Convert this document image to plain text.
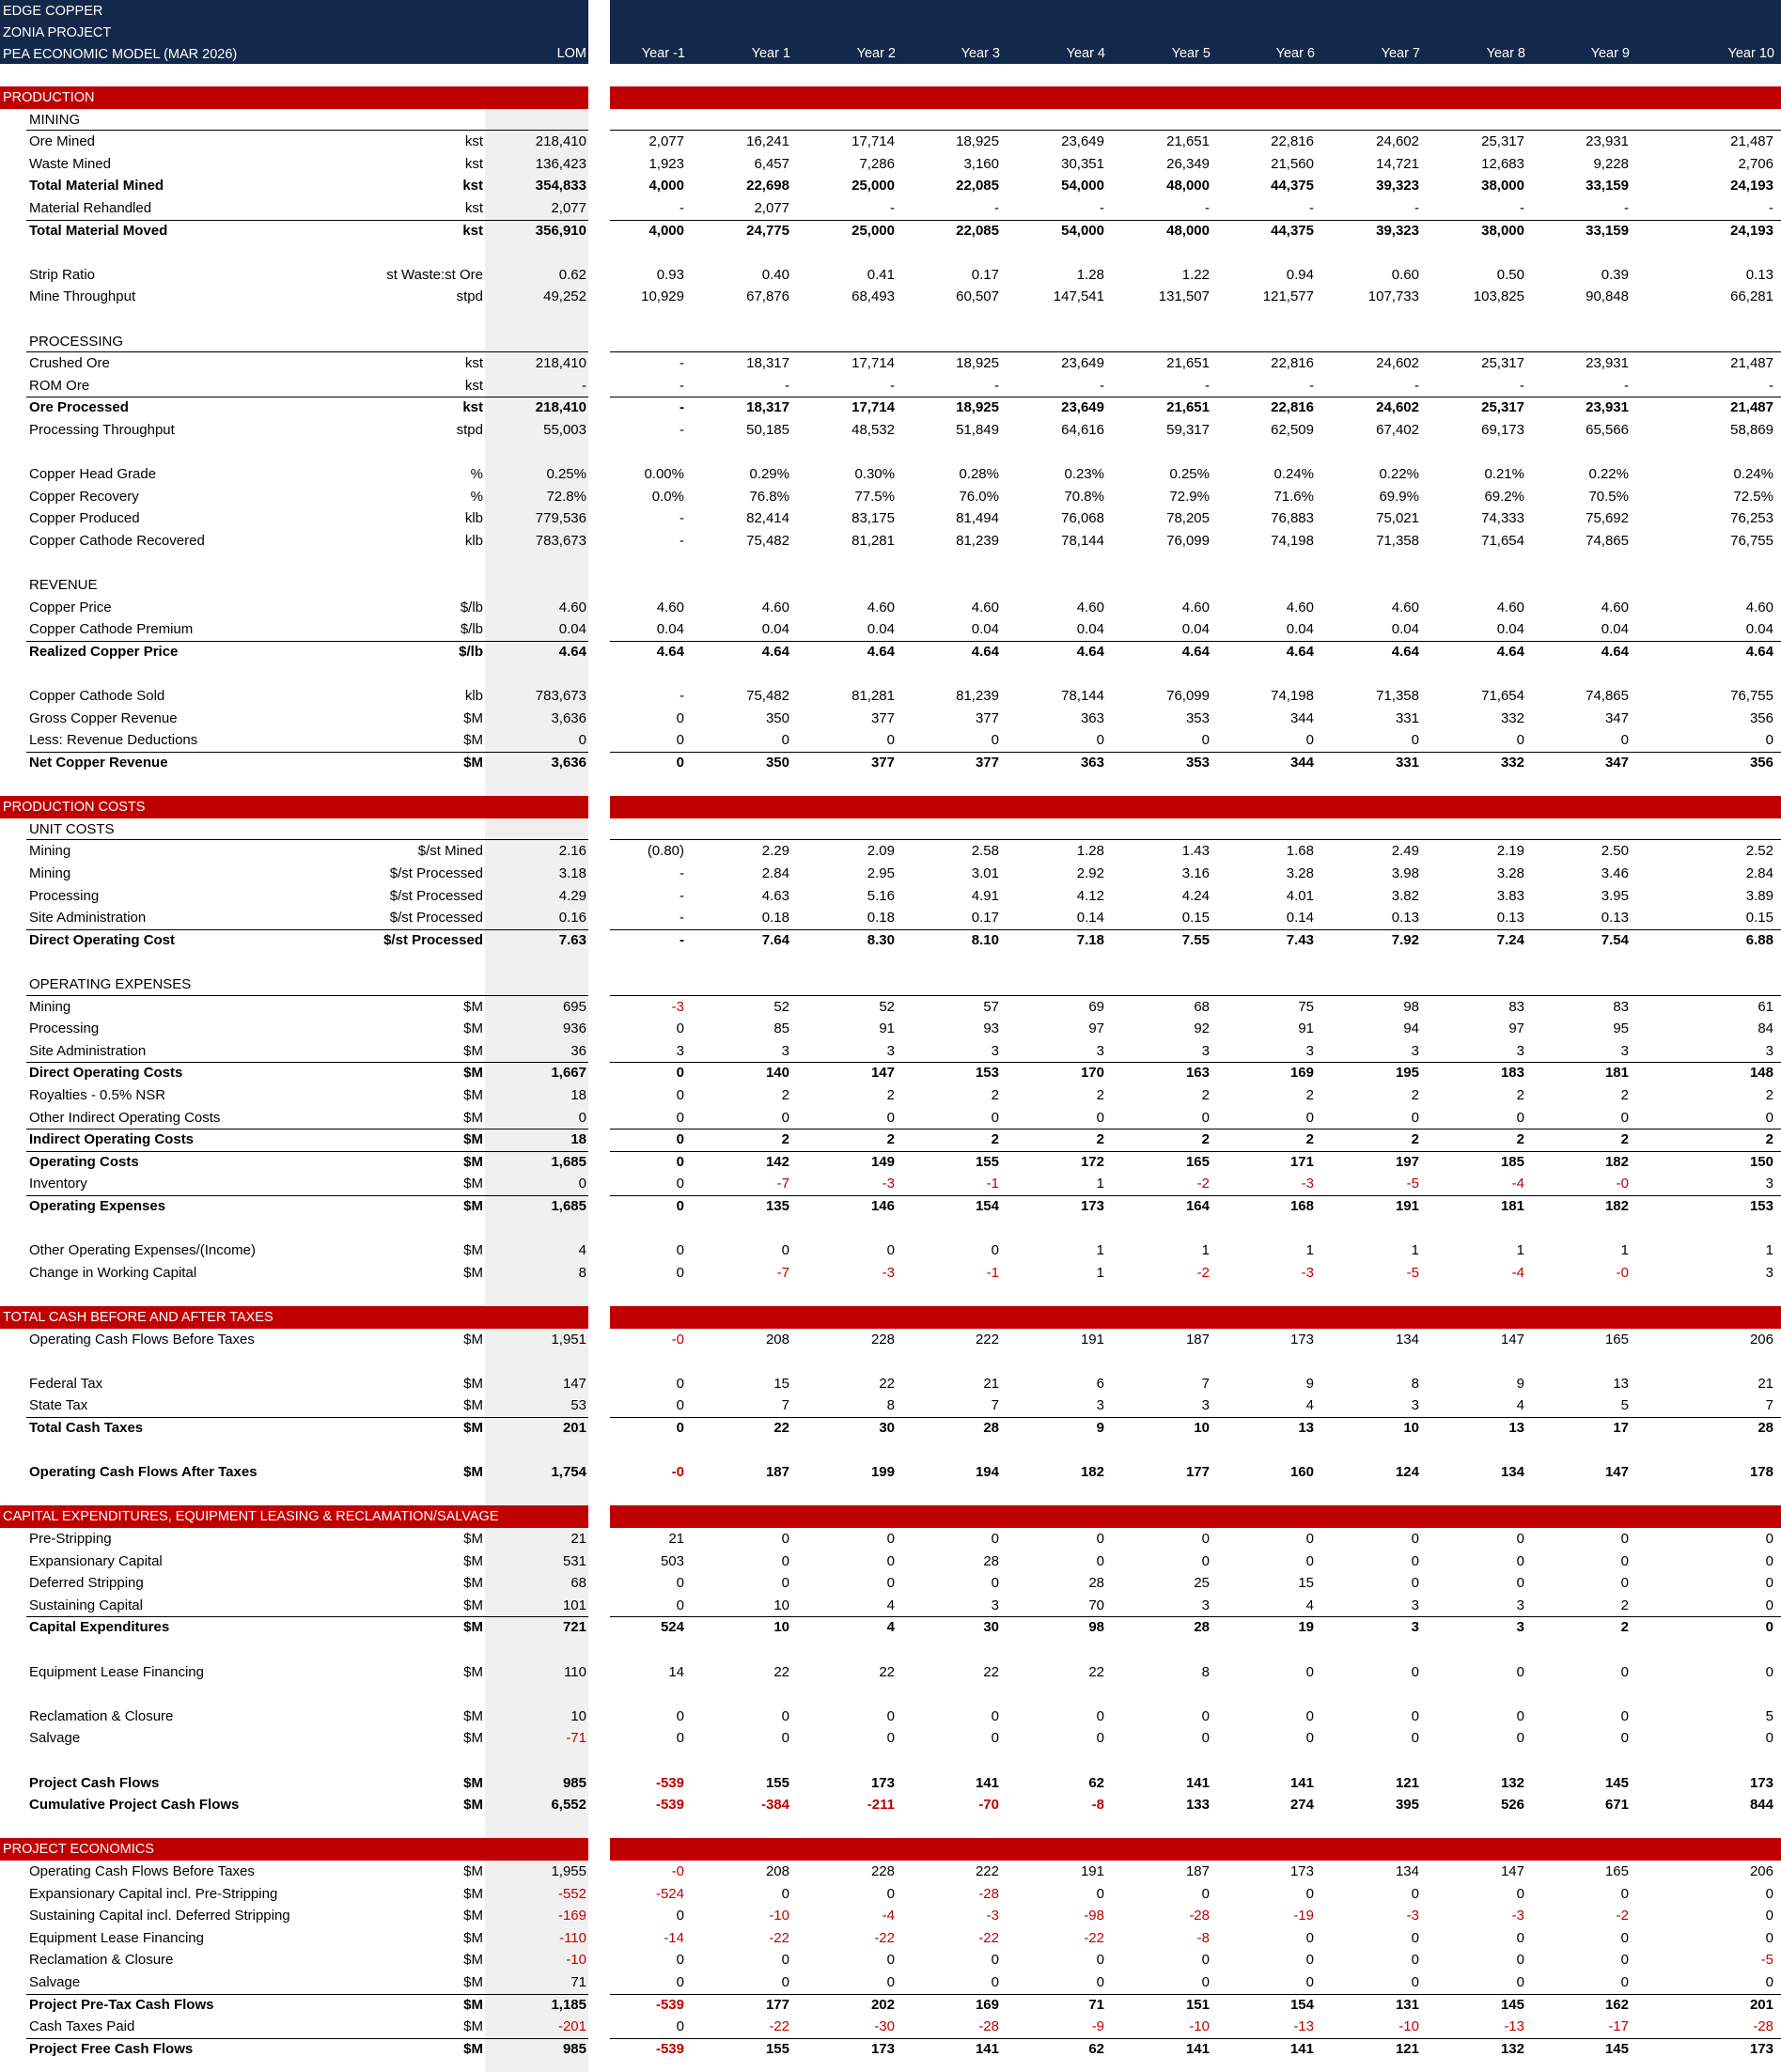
EDGE COPPER
ZONIA PROJECT
PEA ECONOMIC MODEL (MAR 2026)	LOM	Year -1	Year 1	Year 2	Year 3	Year 4	Year 5	Year 6	Year 7	Year 8	Year 9	Year 10
PRODUCTION
MINING
Ore Mined	kst	218,410	2,077	16,241	17,714	18,925	23,649	21,651	22,816	24,602	25,317	23,931	21,487
Waste Mined	kst	136,423	1,923	6,457	7,286	3,160	30,351	26,349	21,560	14,721	12,683	9,228	2,706
Total Material Mined	kst	354,833	4,000	22,698	25,000	22,085	54,000	48,000	44,375	39,323	38,000	33,159	24,193
Material Rehandled	kst	2,077	-	2,077	-	-	-	-	-	-	-	-	-
Total Material Moved	kst	356,910	4,000	24,775	25,000	22,085	54,000	48,000	44,375	39,323	38,000	33,159	24,193
Strip Ratio	st Waste:st Ore	0.62	0.93	0.40	0.41	0.17	1.28	1.22	0.94	0.60	0.50	0.39	0.13
Mine Throughput	stpd	49,252	10,929	67,876	68,493	60,507	147,541	131,507	121,577	107,733	103,825	90,848	66,281
PROCESSING
Crushed Ore	kst	218,410	-	18,317	17,714	18,925	23,649	21,651	22,816	24,602	25,317	23,931	21,487
ROM Ore	kst	-	-	-	-	-	-	-	-	-	-	-	-
Ore Processed	kst	218,410	-	18,317	17,714	18,925	23,649	21,651	22,816	24,602	25,317	23,931	21,487
Processing Throughput	stpd	55,003	-	50,185	48,532	51,849	64,616	59,317	62,509	67,402	69,173	65,566	58,869
Copper Head Grade	%	0.25%	0.00%	0.29%	0.30%	0.28%	0.23%	0.25%	0.24%	0.22%	0.21%	0.22%	0.24%
Copper Recovery	%	72.8%	0.0%	76.8%	77.5%	76.0%	70.8%	72.9%	71.6%	69.9%	69.2%	70.5%	72.5%
Copper Produced	klb	779,536	-	82,414	83,175	81,494	76,068	78,205	76,883	75,021	74,333	75,692	76,253
Copper Cathode Recovered	klb	783,673	-	75,482	81,281	81,239	78,144	76,099	74,198	71,358	71,654	74,865	76,755
REVENUE
Copper Price	$/lb	4.60	4.60	4.60	4.60	4.60	4.60	4.60	4.60	4.60	4.60	4.60	4.60
Copper Cathode Premium	$/lb	0.04	0.04	0.04	0.04	0.04	0.04	0.04	0.04	0.04	0.04	0.04	0.04
Realized Copper Price	$/lb	4.64	4.64	4.64	4.64	4.64	4.64	4.64	4.64	4.64	4.64	4.64	4.64
Copper Cathode Sold	klb	783,673	-	75,482	81,281	81,239	78,144	76,099	74,198	71,358	71,654	74,865	76,755
Gross Copper Revenue	$M	3,636	0	350	377	377	363	353	344	331	332	347	356
Less: Revenue Deductions	$M	0	0	0	0	0	0	0	0	0	0	0	0
Net Copper Revenue	$M	3,636	0	350	377	377	363	353	344	331	332	347	356
PRODUCTION COSTS
UNIT COSTS
Mining	$/st Mined	2.16	(0.80)	2.29	2.09	2.58	1.28	1.43	1.68	2.49	2.19	2.50	2.52
Mining	$/st Processed	3.18	-	2.84	2.95	3.01	2.92	3.16	3.28	3.98	3.28	3.46	2.84
Processing	$/st Processed	4.29	-	4.63	5.16	4.91	4.12	4.24	4.01	3.82	3.83	3.95	3.89
Site Administration	$/st Processed	0.16	-	0.18	0.18	0.17	0.14	0.15	0.14	0.13	0.13	0.13	0.15
Direct Operating Cost	$/st Processed	7.63	-	7.64	8.30	8.10	7.18	7.55	7.43	7.92	7.24	7.54	6.88
OPERATING EXPENSES
Mining	$M	695	-3	52	52	57	69	68	75	98	83	83	61
Processing	$M	936	0	85	91	93	97	92	91	94	97	95	84
Site Administration	$M	36	3	3	3	3	3	3	3	3	3	3	3
Direct Operating Costs	$M	1,667	0	140	147	153	170	163	169	195	183	181	148
Royalties - 0.5% NSR	$M	18	0	2	2	2	2	2	2	2	2	2	2
Other Indirect Operating Costs	$M	0	0	0	0	0	0	0	0	0	0	0	0
Indirect Operating Costs	$M	18	0	2	2	2	2	2	2	2	2	2	2
Operating Costs	$M	1,685	0	142	149	155	172	165	171	197	185	182	150
Inventory	$M	0	0	-7	-3	-1	1	-2	-3	-5	-4	-0	3
Operating Expenses	$M	1,685	0	135	146	154	173	164	168	191	181	182	153
Other Operating Expenses/(Income)	$M	4	0	0	0	0	1	1	1	1	1	1	1
Change in Working Capital	$M	8	0	-7	-3	-1	1	-2	-3	-5	-4	-0	3
TOTAL CASH BEFORE AND AFTER TAXES
Operating Cash Flows Before Taxes	$M	1,951	-0	208	228	222	191	187	173	134	147	165	206
Federal Tax	$M	147	0	15	22	21	6	7	9	8	9	13	21
State Tax	$M	53	0	7	8	7	3	3	4	3	4	5	7
Total Cash Taxes	$M	201	0	22	30	28	9	10	13	10	13	17	28
Operating Cash Flows After Taxes	$M	1,754	-0	187	199	194	182	177	160	124	134	147	178
CAPITAL EXPENDITURES, EQUIPMENT LEASING & RECLAMATION/SALVAGE
Pre-Stripping	$M	21	21	0	0	0	0	0	0	0	0	0	0
Expansionary Capital	$M	531	503	0	0	28	0	0	0	0	0	0	0
Deferred Stripping	$M	68	0	0	0	0	28	25	15	0	0	0	0
Sustaining Capital	$M	101	0	10	4	3	70	3	4	3	3	2	0
Capital Expenditures	$M	721	524	10	4	30	98	28	19	3	3	2	0
Equipment Lease Financing	$M	110	14	22	22	22	22	8	0	0	0	0	0
Reclamation & Closure	$M	10	0	0	0	0	0	0	0	0	0	0	5
Salvage	$M	-71	0	0	0	0	0	0	0	0	0	0	0
Project Cash Flows	$M	985	-539	155	173	141	62	141	141	121	132	145	173
Cumulative Project Cash Flows	$M	6,552	-539	-384	-211	-70	-8	133	274	395	526	671	844
PROJECT ECONOMICS
Operating Cash Flows Before Taxes	$M	1,955	-0	208	228	222	191	187	173	134	147	165	206
Expansionary Capital incl. Pre-Stripping	$M	-552	-524	0	0	-28	0	0	0	0	0	0	0
Sustaining Capital incl. Deferred Stripping	$M	-169	0	-10	-4	-3	-98	-28	-19	-3	-3	-2	0
Equipment Lease Financing	$M	-110	-14	-22	-22	-22	-22	-8	0	0	0	0	0
Reclamation & Closure	$M	-10	0	0	0	0	0	0	0	0	0	0	-5
Salvage	$M	71	0	0	0	0	0	0	0	0	0	0	0
Project Pre-Tax Cash Flows	$M	1,185	-539	177	202	169	71	151	154	131	145	162	201
Cash Taxes Paid	$M	-201	0	-22	-30	-28	-9	-10	-13	-10	-13	-17	-28
Project Free Cash Flows	$M	985	-539	155	173	141	62	141	141	121	132	145	173
